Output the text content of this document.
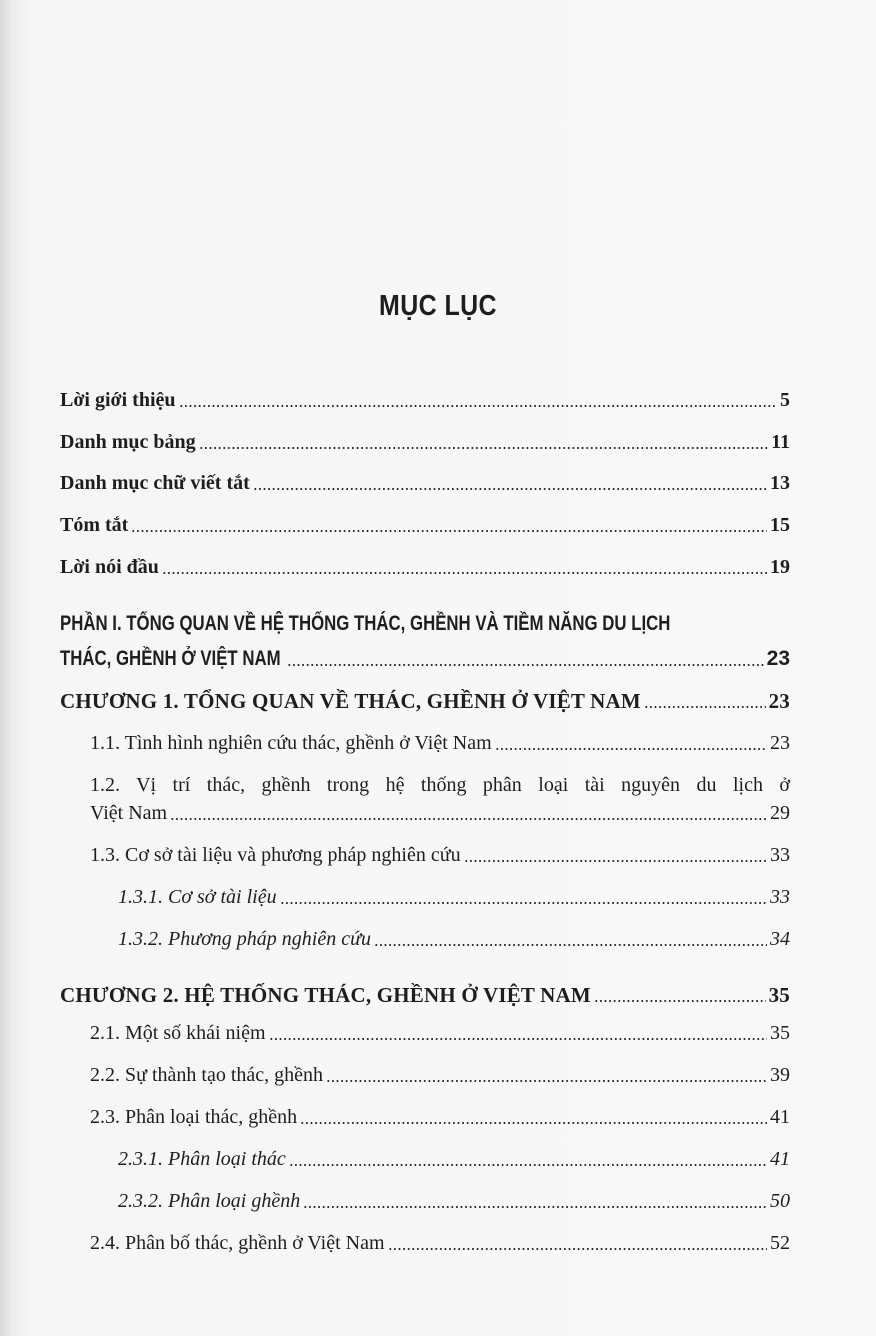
MỤC LỤC
Lời giới thiệu	5
Danh mục bảng	11
Danh mục chữ viết tắt	13
Tóm tắt	15
Lời nói đầu	19
PHẦN I. TỔNG QUAN VỀ HỆ THỐNG THÁC, GHỀNH VÀ TIỀM NĂNG DU LỊCH
THÁC, GHỀNH Ở VIỆT NAM	23
CHƯƠNG 1. TỔNG QUAN VỀ THÁC, GHỀNH Ở VIỆT NAM	23
1.1. Tình hình nghiên cứu thác, ghềnh ở Việt Nam	23
1.2. Vị trí thác, ghềnh trong hệ thống phân loại tài nguyên du lịch ở
Việt Nam	29
1.3. Cơ sở tài liệu và phương pháp nghiên cứu	33
1.3.1. Cơ sở tài liệu	33
1.3.2. Phương pháp nghiên cứu	34
CHƯƠNG 2. HỆ THỐNG THÁC, GHỀNH Ở VIỆT NAM	35
2.1. Một số khái niệm	35
2.2. Sự thành tạo thác, ghềnh	39
2.3. Phân loại thác, ghềnh	41
2.3.1. Phân loại thác	41
2.3.2. Phân loại ghềnh	50
2.4. Phân bố thác, ghềnh ở Việt Nam	52
